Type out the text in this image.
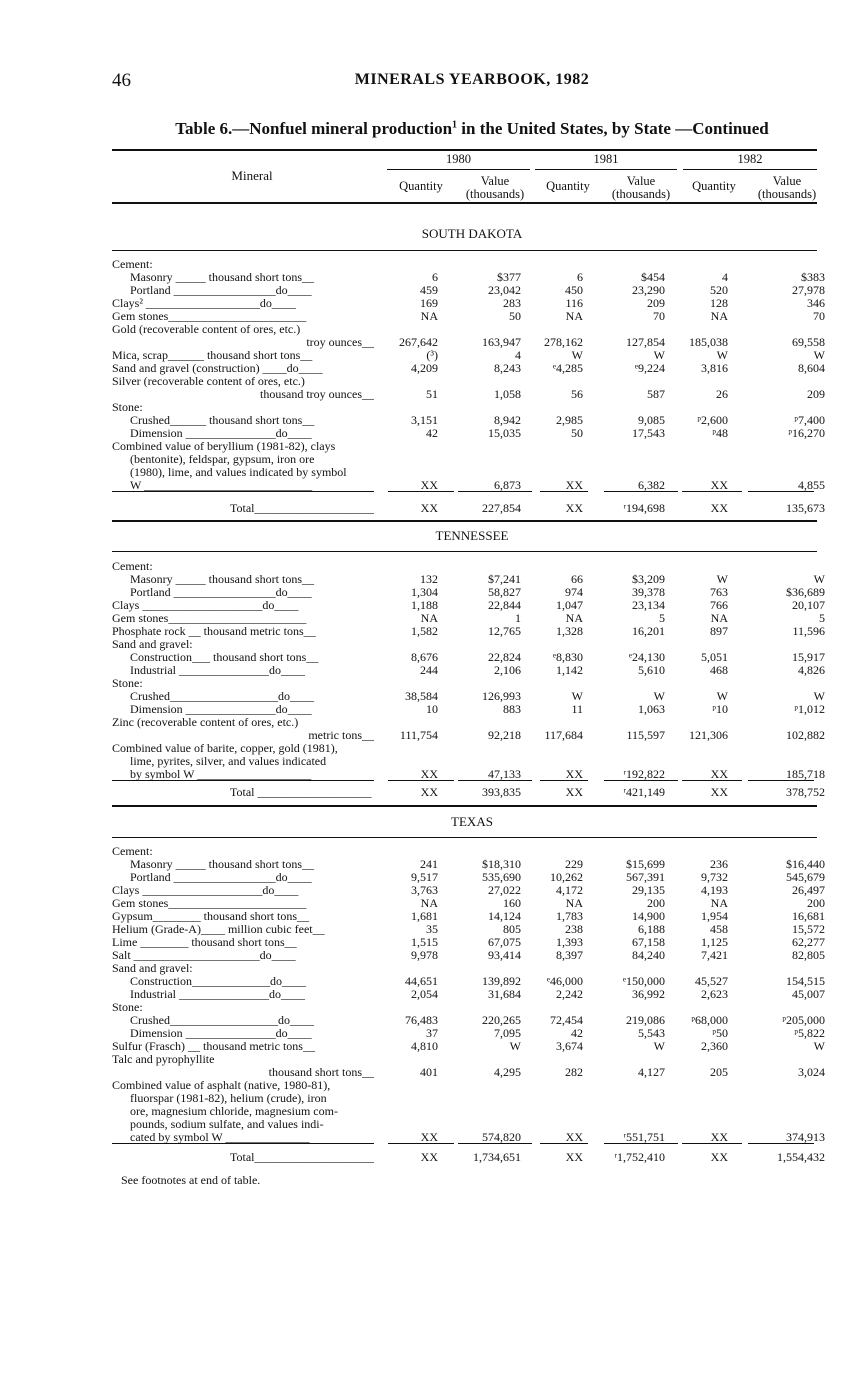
46	MINERALS YEARBOOK, 1982
Table 6.—Nonfuel mineral production$^1$ in the United States, by State —Continued
Mineral
1980	1981	1982
Quantity	Value
(thousands)
Quantity	Value
(thousands)
Quantity	Value
(thousands)
SOUTH DAKOTA
Cement:
Masonry _____ thousand short tons__	6	$377	6	$454	4	$383
Portland _________________do____	459	23,042	450	23,290	520	27,978
Clays² ___________________do____	169	283	116	209	128	346
Gem stones_______________________	NA	50	NA	70	NA	70
Gold (recoverable content of ores, etc.)
troy ounces__ 267,642	163,947 278,162	127,854 185,038	69,558
Mica, scrap______ thousand short tons__	(³)	4	W	W	W	W
Sand and gravel (construction) ____do____	4,209	8,243	ᵉ4,285	ᵉ9,224	3,816	8,604
Silver (recoverable content of ores, etc.)
thousand troy ounces__	51	1,058	56	587	26	209
Stone:
Crushed______ thousand short tons__	3,151	8,942	2,985	9,085	ᵖ2,600	ᵖ7,400
Dimension _______________do____	42	15,035	50	17,543	ᵖ48	ᵖ16,270
Combined value of beryllium (1981-82), clays
(bentonite), feldspar, gypsum, iron ore
(1980), lime, and values indicated by symbol
W ____________________________	XX	6,873	XX	6,382	XX	4,855
Total____________________	XX	227,854	XX	ʳ194,698	XX	135,673
TENNESSEE
Cement:
Masonry _____ thousand short tons__	132	$7,241	66	$3,209	W	W
Portland _________________do____	1,304	58,827	974	39,378	763	$36,689
Clays ____________________do____	1,188	22,844	1,047	23,134	766	20,107
Gem stones_______________________	NA	1	NA	5	NA	5
Phosphate rock __ thousand metric tons__	1,582	12,765	1,328	16,201	897	11,596
Sand and gravel:
Construction___ thousand short tons__	8,676	22,824	ᵉ8,830	ᵉ24,130	5,051	15,917
Industrial _______________do____	244	2,106	1,142	5,610	468	4,826
Stone:
Crushed__________________do____	38,584	126,993	W	W	W	W
Dimension _______________do____	10	883	11	1,063	ᵖ10	ᵖ1,012
Zinc (recoverable content of ores, etc.)
metric tons__ 111,754	92,218 117,684	115,597 121,306	102,882
Combined value of barite, copper, gold (1981),
lime, pyrites, silver, and values indicated
by symbol W ___________________	XX	47,133	XX	ʳ192,822	XX	185,718
Total ___________________	XX	393,835	XX	ʳ421,149	XX	378,752
TEXAS
Cement:
Masonry _____ thousand short tons__	241	$18,310	229	$15,699	236	$16,440
Portland _________________do____	9,517	535,690 10,262	567,391	9,732	545,679
Clays ____________________do____	3,763	27,022	4,172	29,135	4,193	26,497
Gem stones_______________________	NA	160	NA	200	NA	200
Gypsum________ thousand short tons__	1,681	14,124	1,783	14,900	1,954	16,681
Helium (Grade-A)____ million cubic feet__	35	805	238	6,188	458	15,572
Lime ________ thousand short tons__	1,515	67,075	1,393	67,158	1,125	62,277
Salt _____________________do____	9,978	93,414	8,397	84,240	7,421	82,805
Sand and gravel:
Construction_____________do____	44,651	139,892 ᵉ46,000	ᵉ150,000	45,527	154,515
Industrial _______________do____	2,054	31,684	2,242	36,992	2,623	45,007
Stone:
Crushed__________________do____	76,483	220,265 72,454	219,086 ᵖ68,000	ᵖ205,000
Dimension _______________do____	37	7,095	42	5,543	ᵖ50	ᵖ5,822
Sulfur (Frasch) __ thousand metric tons__	4,810	W	3,674	W	2,360	W
Talc and pyrophyllite
thousand short tons__	401	4,295	282	4,127	205	3,024
Combined value of asphalt (native, 1980-81),
fluorspar (1981-82), helium (crude), iron
ore, magnesium chloride, magnesium com-
pounds, sodium sulfate, and values indi-
cated by symbol W ______________	XX	574,820	XX	ʳ551,751	XX	374,913
Total____________________	XX	1,734,651	XX	ʳ1,752,410	XX	1,554,432
See footnotes at end of table.
